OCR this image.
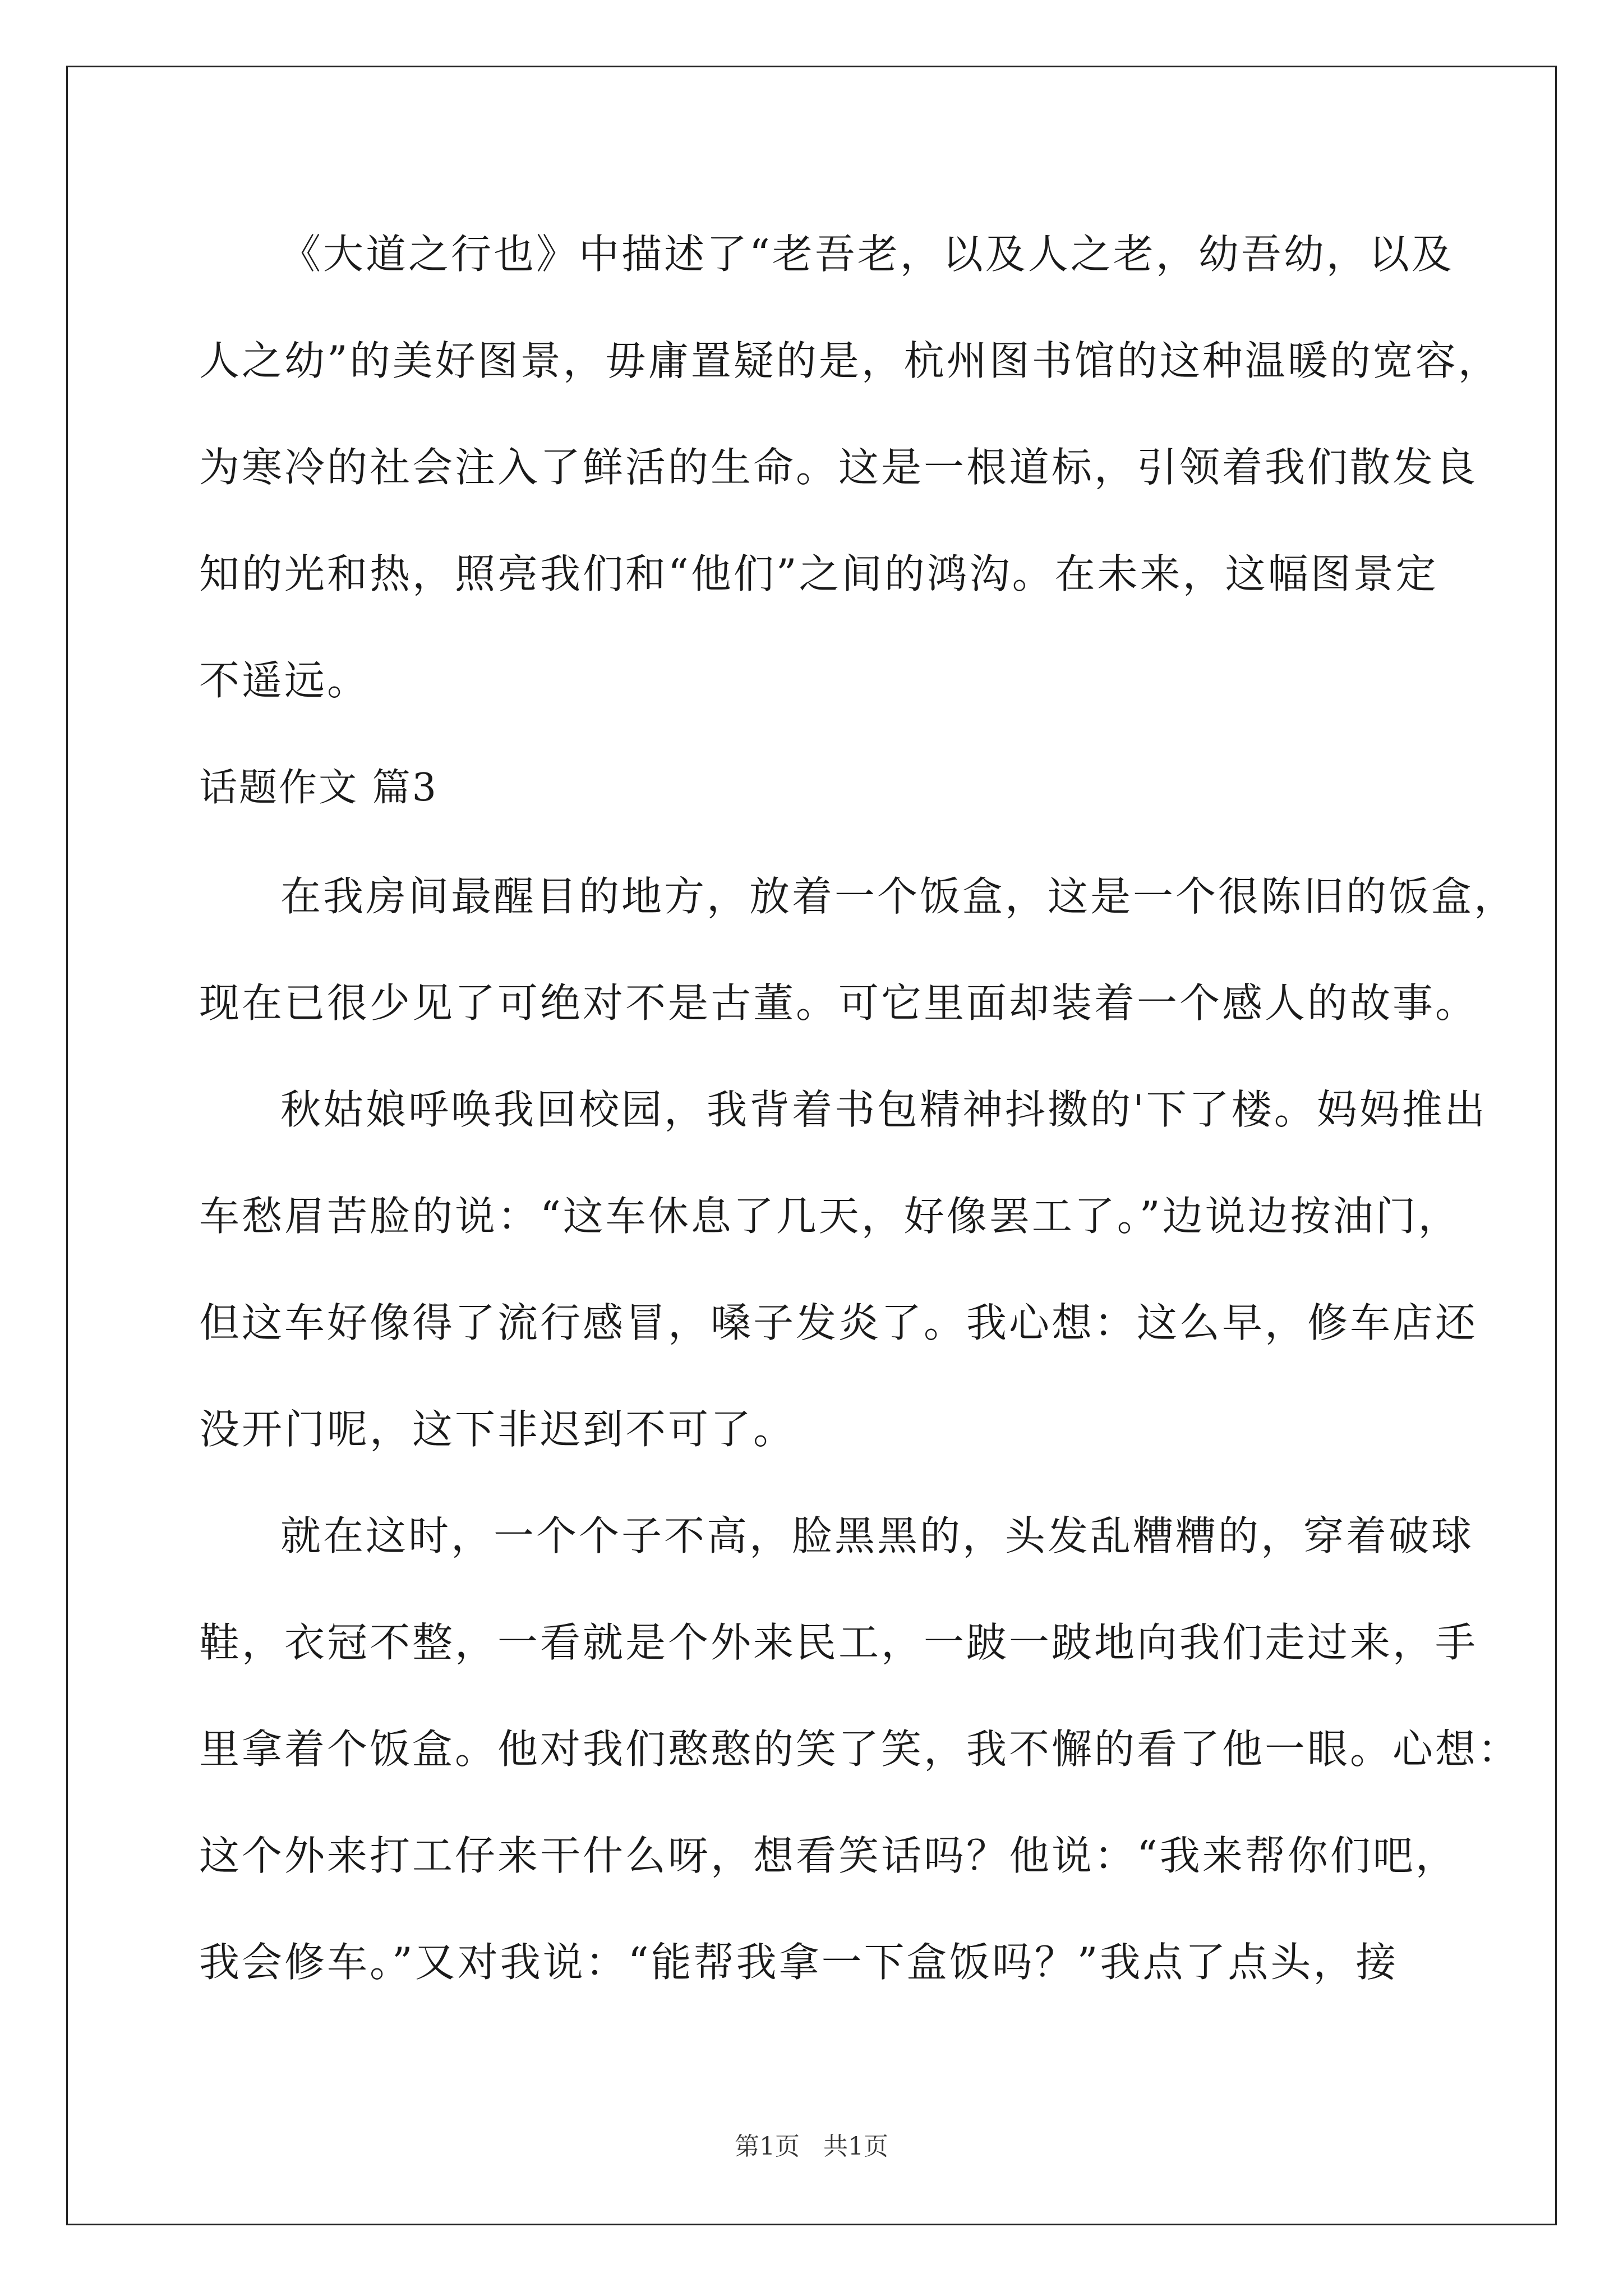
《大道之行也》中描述了“老吾老，以及人之老，幼吾幼，以及
人之幼”的美好图景，毋庸置疑的是，杭州图书馆的这种温暖的宽容，
为寒冷的社会注入了鲜活的生命。这是一根道标，引领着我们散发良
知的光和热，照亮我们和“他们”之间的鸿沟。在未来，这幅图景定
不遥远。
话题作文 篇3
在我房间最醒目的地方，放着一个饭盒，这是一个很陈旧的饭盒，
现在已很少见了可绝对不是古董。可它里面却装着一个感人的故事。
秋姑娘呼唤我回校园，我背着书包精神抖擞的'下了楼。妈妈推出
车愁眉苦脸的说：“这车休息了几天，好像罢工了。”边说边按油门，
但这车好像得了流行感冒，嗓子发炎了。我心想：这么早，修车店还
没开门呢，这下非迟到不可了。
就在这时，一个个子不高，脸黑黑的，头发乱糟糟的，穿着破球
鞋，衣冠不整，一看就是个外来民工，一跛一跛地向我们走过来，手
里拿着个饭盒。他对我们憨憨的笑了笑，我不懈的看了他一眼。心想：
这个外来打工仔来干什么呀，想看笑话吗？他说：“我来帮你们吧，
我会修车。”又对我说：“能帮我拿一下盒饭吗？”我点了点头，接
第1页   共1页
